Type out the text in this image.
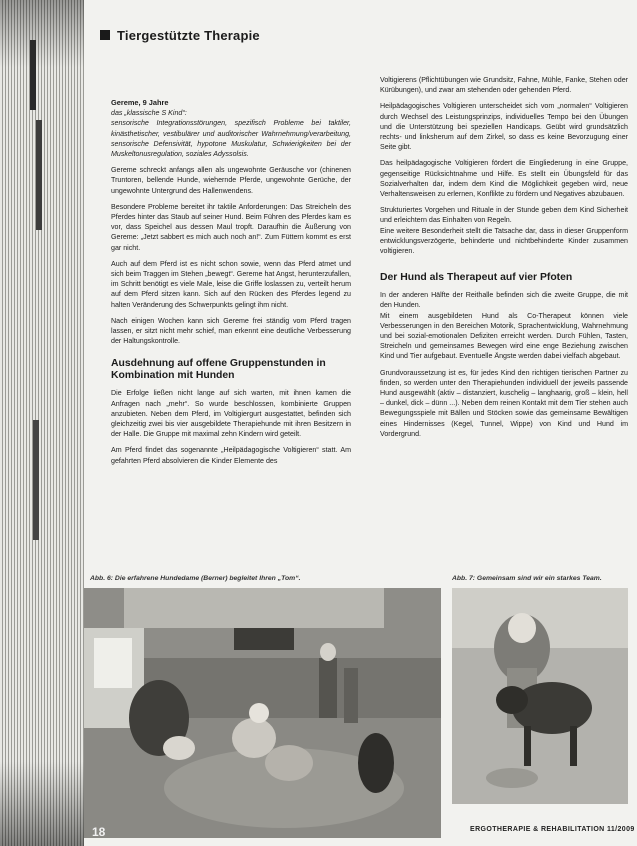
Tiergestützte Therapie

Gereme, 9 Jahre

das „klassische S Kind“:

sensorische Integrationsstörungen, spezifisch Probleme bei taktiler, kinästhetischer, vestibulärer und auditorischer Wahrnehmung/verarbeitung, sensorische Defensivität, hypotone Muskulatur, Schwierigkeiten bei der Muskeltonusregulation, soziales Adyssolsis.

Gereme schreckt anfangs allen als ungewohnte Geräusche vor (chinenen Truntoren, bellende Hunde, wiehernde Pferde, ungewohnte Gerüche, der ungewohnte Untergrund des Hallenwendens.

Besondere Probleme bereitet ihr taktile Anforderungen: Das Streicheln des Pferdes hinter das Staub auf seiner Hund. Beim Führen des Pferdes kam es vor, dass Speichel aus dessen Maul tropft. Daraufhin die Äußerung von Gereme: „Jetzt sabbert es mich auch noch an!“. Zum Füttern kommt es erst gar nicht.

Auch auf dem Pferd ist es nicht schon sowie, wenn das Pferd atmet und sich beim Traggen im Stehen „bewegt“. Gereme hat Angst, herunterzufallen, im Schritt benötigt es viele Male, leise die Griffe loslassen zu, verteilt herum auf dem Pferd sitzen kann. Sich auf den Rücken des Pferdes legend zu halten Veränderung des Schwerpunkts gelingt ihm nicht.

Nach einigen Wochen kann sich Gereme frei ständig vom Pferd tragen lassen, er sitzt nicht mehr schief, man erkennt eine deutliche Verbesserung der Haltungskontrolle.

Ausdehnung auf offene Gruppenstunden in Kombination mit Hunden

Die Erfolge ließen nicht lange auf sich warten, mit ihnen kamen die Anfragen nach „mehr“. So wurde beschlossen, kombinierte Gruppen anzubieten. Neben dem Pferd, im Voltigiergurt ausgestattet, befinden sich gleichzeitig zwei bis vier ausgebildete Therapiehunde mit ihren Besitzern in der Halle. Die Gruppe mit maximal zehn Kindern wird geteilt.

Am Pferd findet das sogenannte „Heilpädagogische Voltigieren“ statt. Am gefahrten Pferd absolvieren die Kinder Elemente des

Voltigierens (Pflichtübungen wie Grundsitz, Fahne, Mühle, Fanke, Stehen oder Kürübungen), und zwar am stehenden oder gehenden Pferd.

Heilpädagogisches Voltigieren unterscheidet sich vom „normalen“ Voltigieren durch Wechsel des Leistungsprinzips, individuelles Tempo bei den Übungen und die Unterstützung bei speziellen Handicaps. Geübt wird grundsätzlich rechts- und linksherum auf dem Zirkel, so dass es keine Bevorzugung einer Seite gibt.

Das heilpädagogische Voltigieren fördert die Eingliederung in eine Gruppe, gegenseitige Rücksichtnahme und Hilfe. Es stellt ein Übungsfeld für das Sozialverhalten dar, indem dem Kind die Möglichkeit gegeben wird, neue Verhaltensweisen zu erlernen, Konflikte zu fördern und Negatives abzubauen.

Strukturiertes Vorgehen und Rituale in der Stunde geben dem Kind Sicherheit und erleichtern das Einhalten von Regeln.

Eine weitere Besonderheit stellt die Tatsache dar, dass in dieser Gruppenform entwicklungsverzögerte, behinderte und nichtbehinderte Kinder zusammen voltigieren.

Der Hund als Therapeut auf vier Pfoten

In der anderen Hälfte der Reithalle befinden sich die zweite Gruppe, die mit den Hunden.

Mit einem ausgebildeten Hund als Co-Therapeut können viele Verbesserungen in den Bereichen Motorik, Sprachentwicklung, Wahrnehmung und bei sozial-emotionalen Defiziten erreicht werden. Durch Fühlen, Tasten, Streicheln und gemeinsames Bewegen wird eine enge Beziehung zwischen Kind und Tier aufgebaut. Eventuelle Ängste werden dabei vielfach abgebaut.

Grundvoraussetzung ist es, für jedes Kind den richtigen tierischen Partner zu finden, so werden unter den Therapiehunden individuell der jeweils passende Hund ausgewählt (aktiv – distanziert, kuschelig – langhaarig, groß – klein, hell – dunkel, dick – dünn ...). Neben dem reinen Kontakt mit dem Tier stehen auch Bewegungsspiele mit Bällen und Stöcken sowie das gemeinsame Bewältigen eines Hindernisses (Kegel, Tunnel, Wippe) von Kind und Hund im Vordergrund.

Abb. 6: Die erfahrene Hundedame (Berner) begleitet Ihren „Tom“.	Abb. 7: Gemeinsam sind wir ein starkes Team.
18	ERGOTHERAPIE & REHABILITATION 11/2009
